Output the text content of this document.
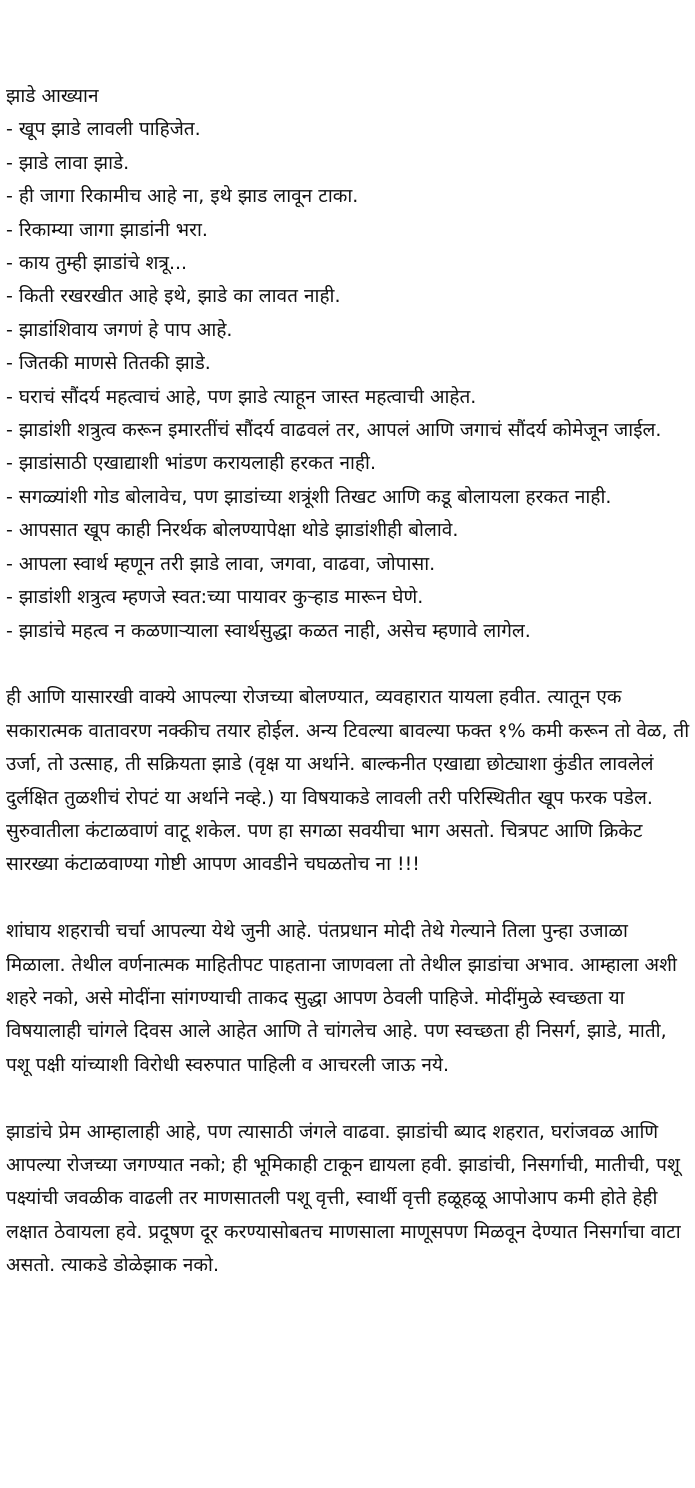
झाडे आख्यान

- खूप झाडे लावली पाहिजेत.

- झाडे लावा झाडे.

- ही जागा रिकामीच आहे ना, इथे झाड लावून टाका.

- रिकाम्या जागा झाडांनी भरा.

- काय तुम्ही झाडांचे शत्रू...

- किती रखरखीत आहे इथे, झाडे का लावत नाही.

- झाडांशिवाय जगणं हे पाप आहे.

- जितकी माणसे तितकी झाडे.

- घराचं सौंदर्य महत्वाचं आहे, पण झाडे त्याहून जास्त महत्वाची आहेत.

- झाडांशी शत्रुत्व करून इमारतींचं सौंदर्य वाढवलं तर, आपलं आणि जगाचं सौंदर्य कोमेजून जाईल.

- झाडांसाठी एखाद्याशी भांडण करायलाही हरकत नाही.

- सगळ्यांशी गोड बोलावेच, पण झाडांच्या शत्रूंशी तिखट आणि कडू बोलायला हरकत नाही.

- आपसात खूप काही निरर्थक बोलण्यापेक्षा थोडे झाडांशीही बोलावे.

- आपला स्वार्थ म्हणून तरी झाडे लावा, जगवा, वाढवा, जोपासा.

- झाडांशी शत्रुत्व म्हणजे स्वत:च्या पायावर कुऱ्हाड मारून घेणे.

- झाडांचे महत्व न कळणाऱ्याला स्वार्थसुद्धा कळत नाही, असेच म्हणावे लागेल.

ही आणि यासारखी वाक्ये आपल्या रोजच्या बोलण्यात, व्यवहारात यायला हवीत. त्यातून एक सकारात्मक वातावरण नक्कीच तयार होईल. अन्य टिवल्या बावल्या फक्त १% कमी करून तो वेळ, ती उर्जा, तो उत्साह, ती सक्रियता झाडे (वृक्ष या अर्थाने. बाल्कनीत एखाद्या छोट्याशा कुंडीत लावलेलं दुर्लक्षित तुळशीचं रोपटं या अर्थाने नव्हे.) या विषयाकडे लावली तरी परिस्थितीत खूप फरक पडेल. सुरुवातीला कंटाळवाणं वाटू शकेल. पण हा सगळा सवयीचा भाग असतो. चित्रपट आणि क्रिकेट सारख्या कंटाळवाण्या गोष्टी आपण आवडीने चघळतोच ना !!!

शांघाय शहराची चर्चा आपल्या येथे जुनी आहे. पंतप्रधान मोदी तेथे गेल्याने तिला पुन्हा उजाळा मिळाला. तेथील वर्णनात्मक माहितीपट पाहताना जाणवला तो तेथील झाडांचा अभाव. आम्हाला अशी शहरे नको, असे मोदींना सांगण्याची ताकद सुद्धा आपण ठेवली पाहिजे. मोदींमुळे स्वच्छता या विषयालाही चांगले दिवस आले आहेत आणि ते चांगलेच आहे. पण स्वच्छता ही निसर्ग, झाडे, माती, पशू पक्षी यांच्याशी विरोधी स्वरुपात पाहिली व आचरली जाऊ नये.

झाडांचे प्रेम आम्हालाही आहे, पण त्यासाठी जंगले वाढवा. झाडांची ब्याद शहरात, घरांजवळ आणि आपल्या रोजच्या जगण्यात नको; ही भूमिकाही टाकून द्यायला हवी. झाडांची, निसर्गाची, मातीची, पशू पक्ष्यांची जवळीक वाढली तर माणसातली पशू वृत्ती, स्वार्थी वृत्ती हळूहळू आपोआप कमी होते हेही लक्षात ठेवायला हवे. प्रदूषण दूर करण्यासोबतच माणसाला माणूसपण मिळवून देण्यात निसर्गाचा वाटा असतो. त्याकडे डोळेझाक नको.
